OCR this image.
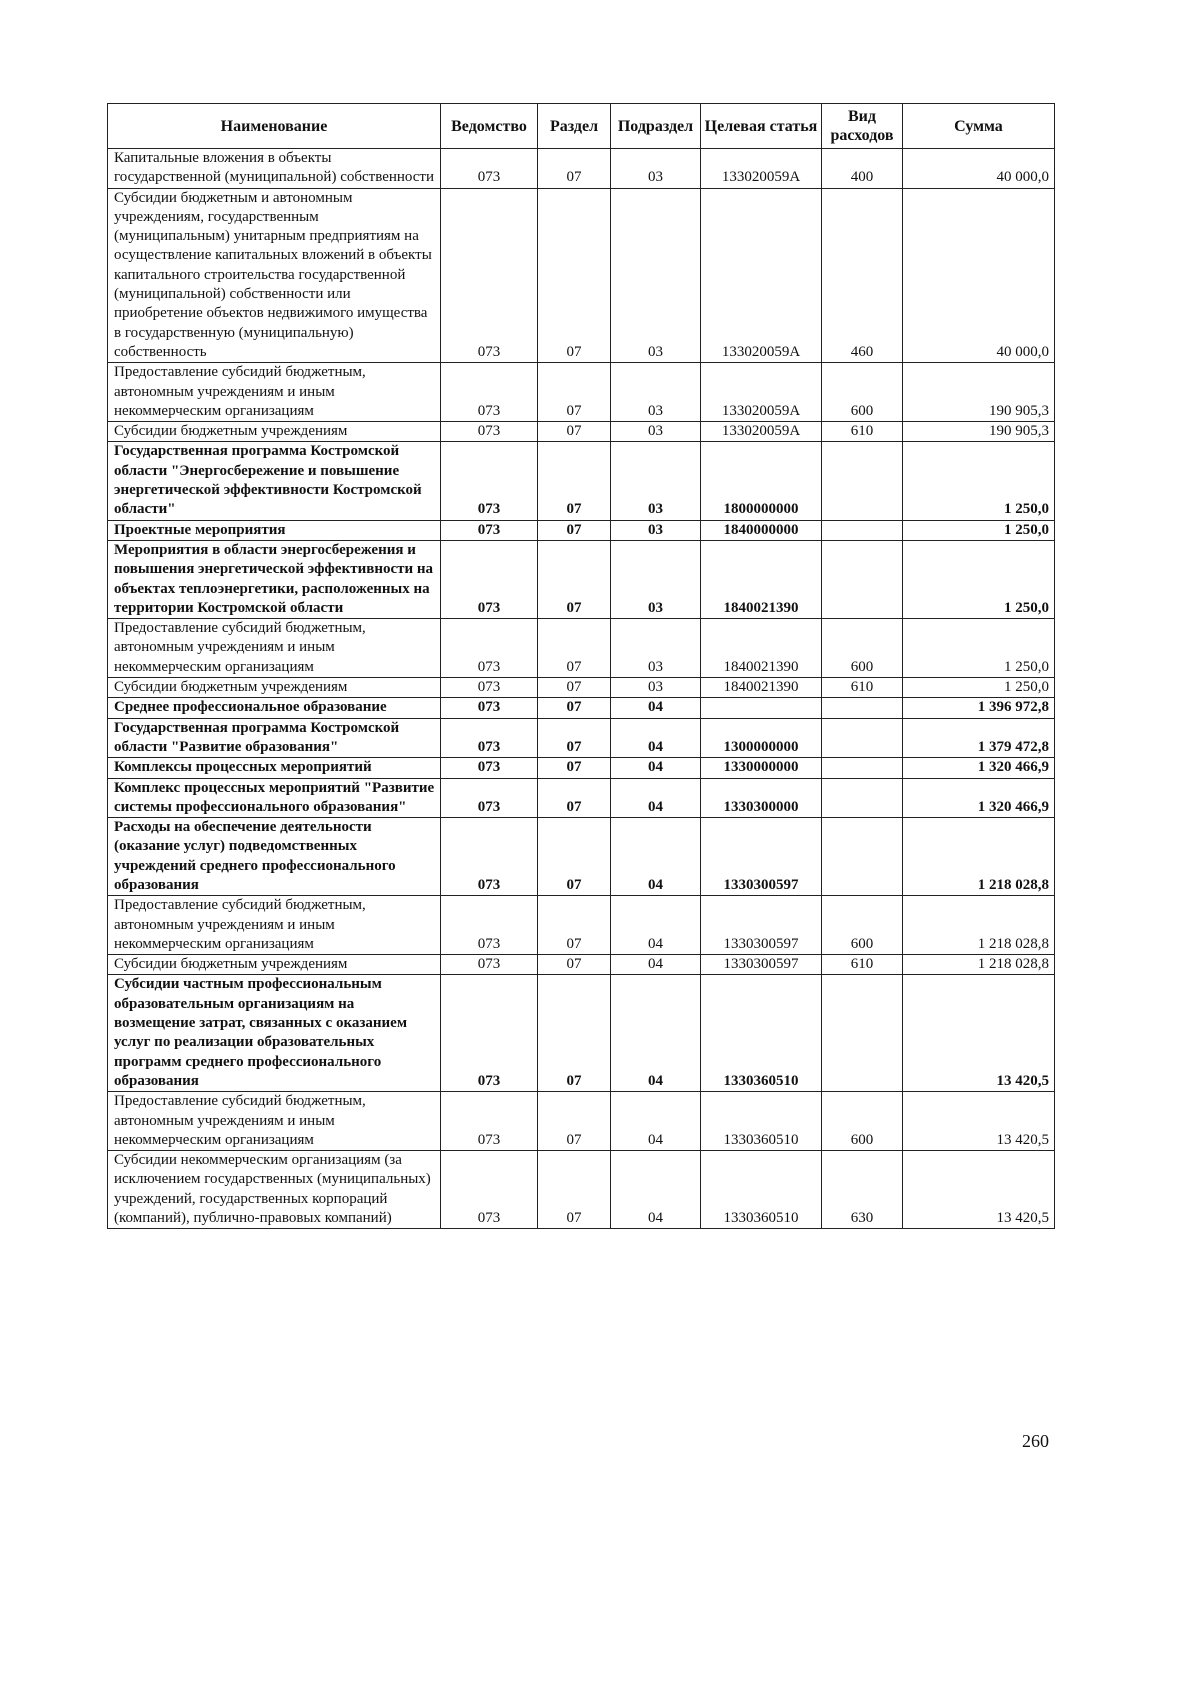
Наименование	Ведомство	Раздел	Подраздел	Целевая статья	Вид расходов	Сумма
Капитальные вложения в объекты государственной (муниципальной) собственности	073	07	03	133020059А	400	40 000,0
Субсидии бюджетным и автономным учреждениям, государственным (муниципальным) унитарным предприятиям на осуществление капитальных вложений в объекты капитального строительства государственной (муниципальной) собственности или приобретение объектов недвижимого имущества в государственную (муниципальную) собственность	073	07	03	133020059А	460	40 000,0
Предоставление субсидий бюджетным, автономным учреждениям и иным некоммерческим организациям	073	07	03	133020059А	600	190 905,3
Субсидии бюджетным учреждениям	073	07	03	133020059А	610	190 905,3
Государственная программа Костромской области "Энергосбережение и повышение энергетической эффективности Костромской области"	073	07	03	1800000000		1 250,0
Проектные мероприятия	073	07	03	1840000000		1 250,0
Мероприятия в области энергосбережения и повышения энергетической эффективности на объектах теплоэнергетики, расположенных на территории Костромской области	073	07	03	1840021390		1 250,0
Предоставление субсидий бюджетным, автономным учреждениям и иным некоммерческим организациям	073	07	03	1840021390	600	1 250,0
Субсидии бюджетным учреждениям	073	07	03	1840021390	610	1 250,0
Среднее профессиональное образование	073	07	04			1 396 972,8
Государственная программа Костромской области "Развитие образования"	073	07	04	1300000000		1 379 472,8
Комплексы процессных мероприятий	073	07	04	1330000000		1 320 466,9
Комплекс процессных мероприятий "Развитие системы профессионального образования"	073	07	04	1330300000		1 320 466,9
Расходы на обеспечение деятельности (оказание услуг) подведомственных учреждений среднего профессионального образования	073	07	04	1330300597		1 218 028,8
Предоставление субсидий бюджетным, автономным учреждениям и иным некоммерческим организациям	073	07	04	1330300597	600	1 218 028,8
Субсидии бюджетным учреждениям	073	07	04	1330300597	610	1 218 028,8
Субсидии частным профессиональным образовательным организациям на возмещение затрат, связанных с оказанием услуг по реализации образовательных программ среднего профессионального образования	073	07	04	1330360510		13 420,5
Предоставление субсидий бюджетным, автономным учреждениям и иным некоммерческим организациям	073	07	04	1330360510	600	13 420,5
Субсидии некоммерческим организациям (за исключением государственных (муниципальных) учреждений, государственных корпораций (компаний), публично-правовых компаний)	073	07	04	1330360510	630	13 420,5
260
